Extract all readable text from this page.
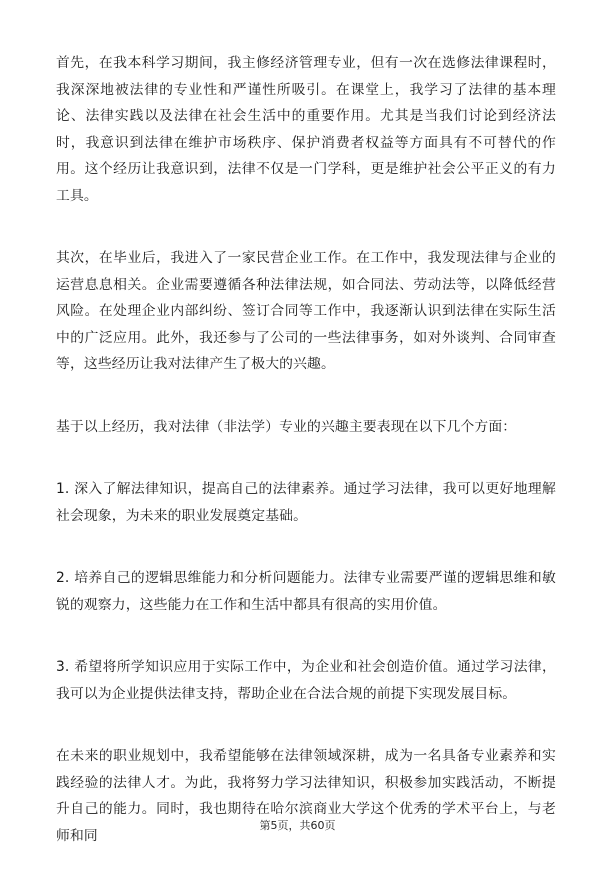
首先，在我本科学习期间，我主修经济管理专业，但有一次在选修法律课程时，我深深地被法律的专业性和严谨性所吸引。在课堂上，我学习了法律的基本理论、法律实践以及法律在社会生活中的重要作用。尤其是当我们讨论到经济法时，我意识到法律在维护市场秩序、保护消费者权益等方面具有不可替代的作用。这个经历让我意识到，法律不仅是一门学科，更是维护社会公平正义的有力工具。

其次，在毕业后，我进入了一家民营企业工作。在工作中，我发现法律与企业的运营息息相关。企业需要遵循各种法律法规，如合同法、劳动法等，以降低经营风险。在处理企业内部纠纷、签订合同等工作中，我逐渐认识到法律在实际生活中的广泛应用。此外，我还参与了公司的一些法律事务，如对外谈判、合同审查等，这些经历让我对法律产生了极大的兴趣。

基于以上经历，我对法律（非法学）专业的兴趣主要表现在以下几个方面：

1. 深入了解法律知识，提高自己的法律素养。通过学习法律，我可以更好地理解社会现象，为未来的职业发展奠定基础。

2. 培养自己的逻辑思维能力和分析问题能力。法律专业需要严谨的逻辑思维和敏锐的观察力，这些能力在工作和生活中都具有很高的实用价值。

3. 希望将所学知识应用于实际工作中，为企业和社会创造价值。通过学习法律，我可以为企业提供法律支持，帮助企业在合法合规的前提下实现发展目标。

在未来的职业规划中，我希望能够在法律领域深耕，成为一名具备专业素养和实践经验的法律人才。为此，我将努力学习法律知识，积极参加实践活动，不断提升自己的能力。同时，我也期待在哈尔滨商业大学这个优秀的学术平台上，与老师和同

第5页，共60页
